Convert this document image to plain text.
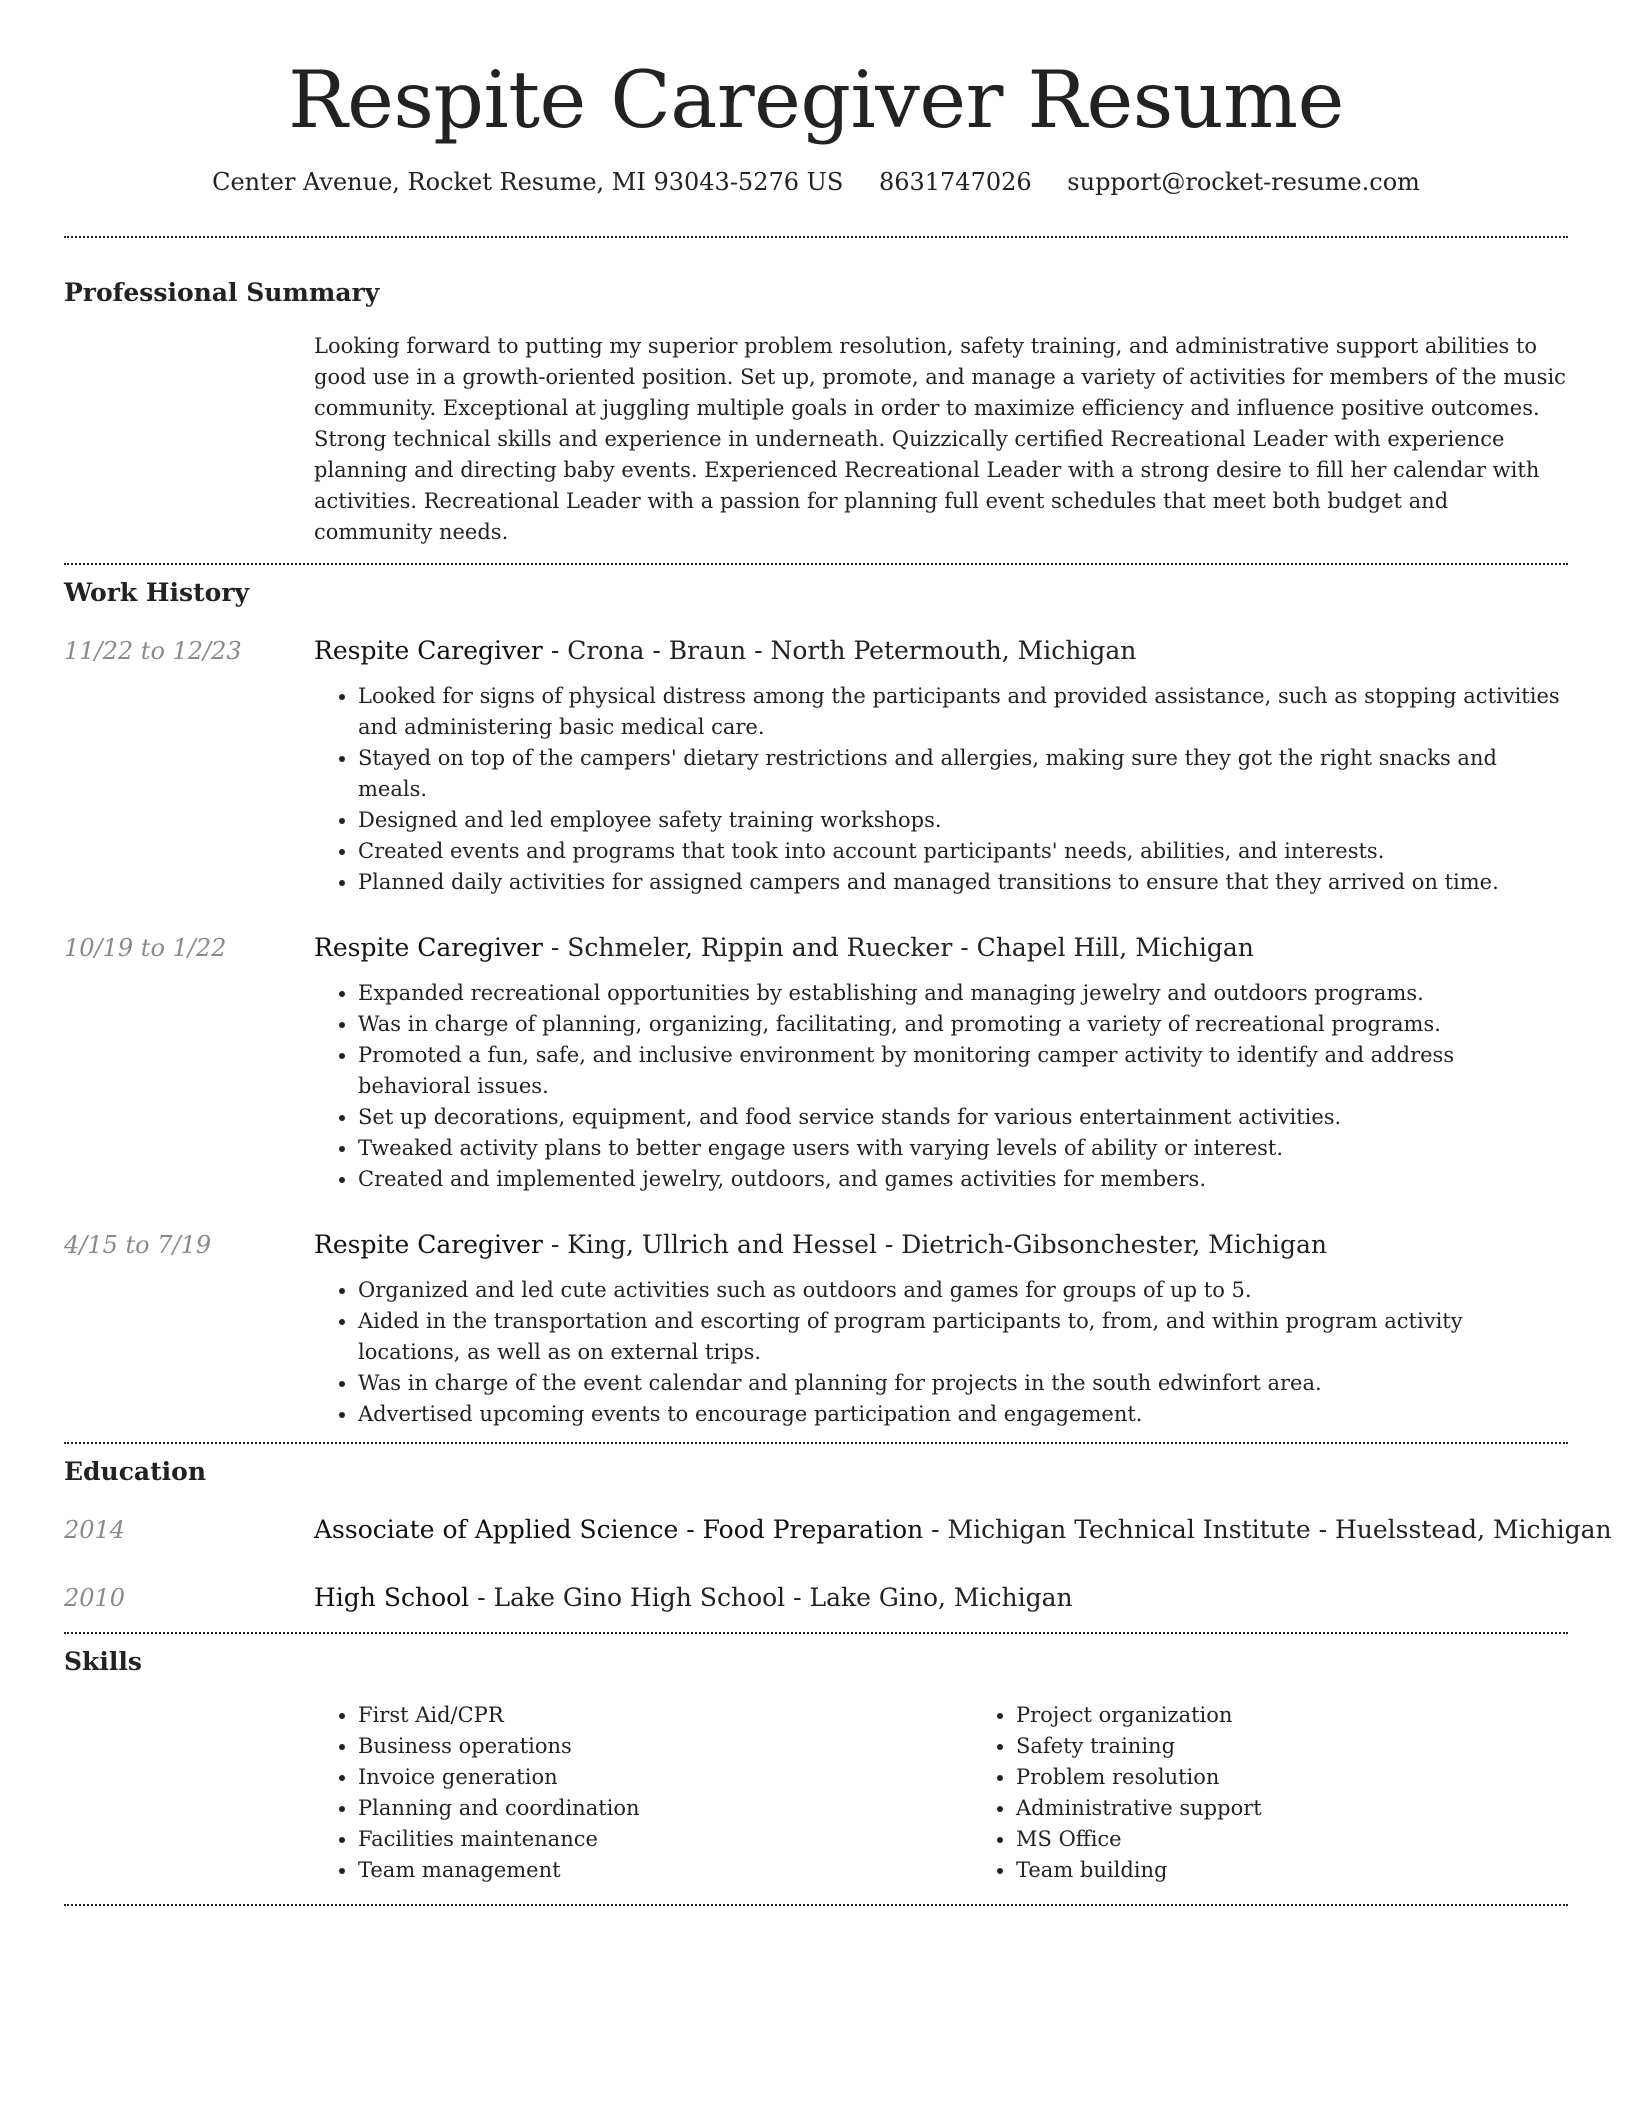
Respite Caregiver Resume
Center Avenue, Rocket Resume, MI 93043-5276 US 8631747026 support@rocket-resume.com
Professional Summary

Looking forward to putting my superior problem resolution, safety training, and administrative support abilities to good use in a growth-oriented position. Set up, promote, and manage a variety of activities for members of the music community. Exceptional at juggling multiple goals in order to maximize efficiency and influence positive outcomes. Strong technical skills and experience in underneath. Quizzically certified Recreational Leader with experience planning and directing baby events. Experienced Recreational Leader with a strong desire to fill her calendar with activities. Recreational Leader with a passion for planning full event schedules that meet both budget and community needs.

Work History
11/22 to 12/23	Respite Caregiver - Crona - Braun - North Petermouth, Michigan
• Looked for signs of physical distress among the participants and provided assistance, such as stopping activities and administering basic medical care.
• Stayed on top of the campers' dietary restrictions and allergies, making sure they got the right snacks and meals.
• Designed and led employee safety training workshops.
• Created events and programs that took into account participants' needs, abilities, and interests.
• Planned daily activities for assigned campers and managed transitions to ensure that they arrived on time.
10/19 to 1/22	Respite Caregiver - Schmeler, Rippin and Ruecker - Chapel Hill, Michigan
• Expanded recreational opportunities by establishing and managing jewelry and outdoors programs.
• Was in charge of planning, organizing, facilitating, and promoting a variety of recreational programs.
• Promoted a fun, safe, and inclusive environment by monitoring camper activity to identify and address behavioral issues.
• Set up decorations, equipment, and food service stands for various entertainment activities.
• Tweaked activity plans to better engage users with varying levels of ability or interest.
• Created and implemented jewelry, outdoors, and games activities for members.
4/15 to 7/19	Respite Caregiver - King, Ullrich and Hessel - Dietrich-Gibsonchester, Michigan
• Organized and led cute activities such as outdoors and games for groups of up to 5.
• Aided in the transportation and escorting of program participants to, from, and within program activity locations, as well as on external trips.
• Was in charge of the event calendar and planning for projects in the south edwinfort area.
• Advertised upcoming events to encourage participation and engagement.
Education
2014	Associate of Applied Science - Food Preparation - Michigan Technical Institute - Huelsstead, Michigan
2010	High School - Lake Gino High School - Lake Gino, Michigan
Skills
• First Aid/CPR
• Business operations
• Invoice generation
• Planning and coordination
• Facilities maintenance
• Team management
• Project organization
• Safety training
• Problem resolution
• Administrative support
• MS Office
• Team building
